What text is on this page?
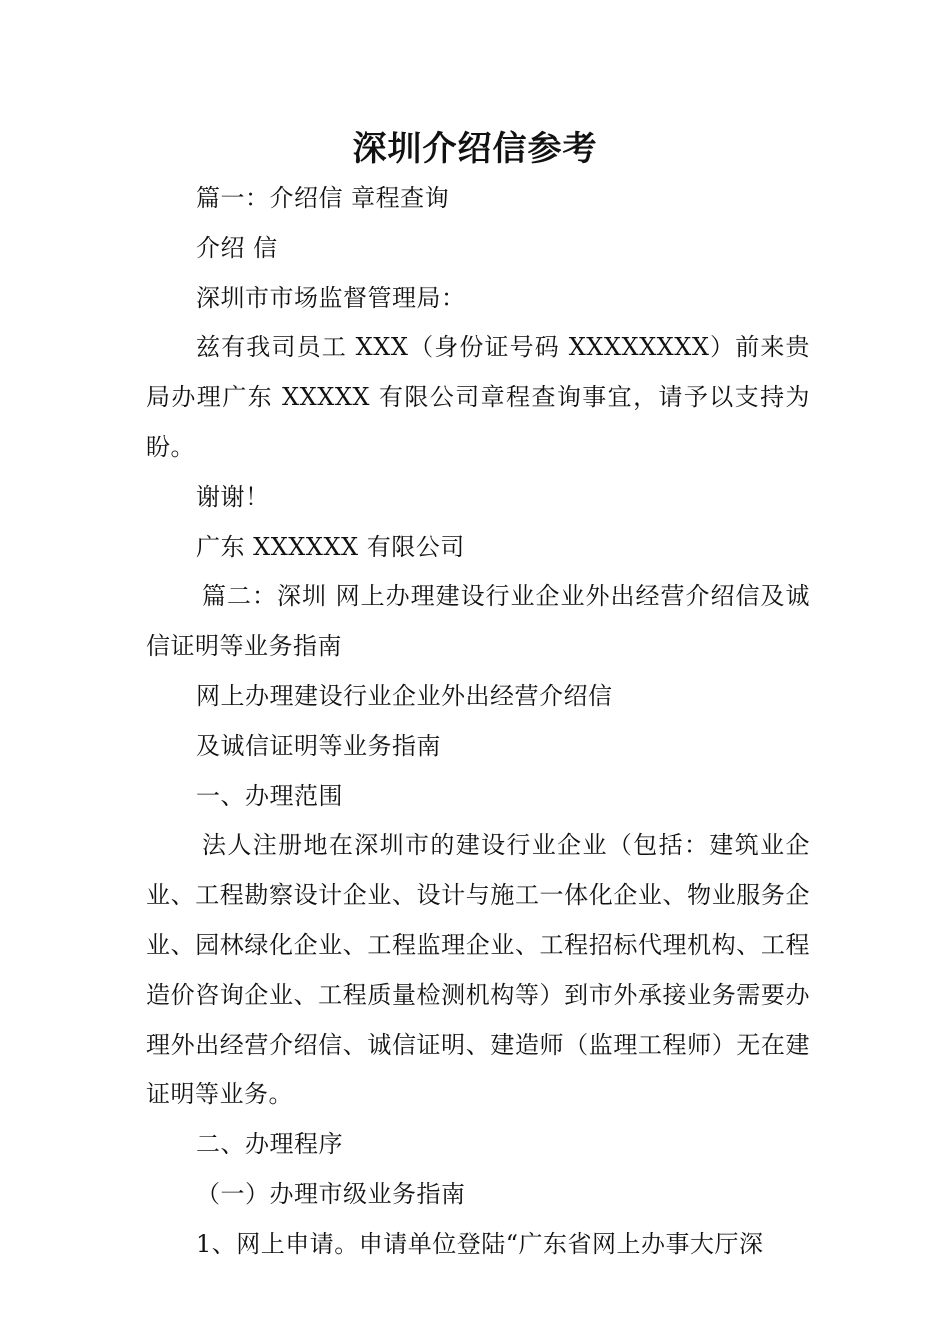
深圳介绍信参考

篇一：介绍信 章程查询

介绍 信

深圳市市场监督管理局：

兹有我司员工 XXX（身份证号码 XXXXXXXX）前来贵局办理广东 XXXXX 有限公司章程查询事宜，请予以支持为盼。

谢谢！

广东 XXXXXX 有限公司

篇二：深圳 网上办理建设行业企业外出经营介绍信及诚信证明等业务指南

网上办理建设行业企业外出经营介绍信

及诚信证明等业务指南

一、办理范围

法人注册地在深圳市的建设行业企业（包括：建筑业企业、工程勘察设计企业、设计与施工一体化企业、物业服务企业、园林绿化企业、工程监理企业、工程招标代理机构、工程造价咨询企业、工程质量检测机构等）到市外承接业务需要办理外出经营介绍信、诚信证明、建造师（监理工程师）无在建证明等业务。

二、办理程序

（一）办理市级业务指南

1、网上申请。申请单位登陆“广东省网上办事大厅深
